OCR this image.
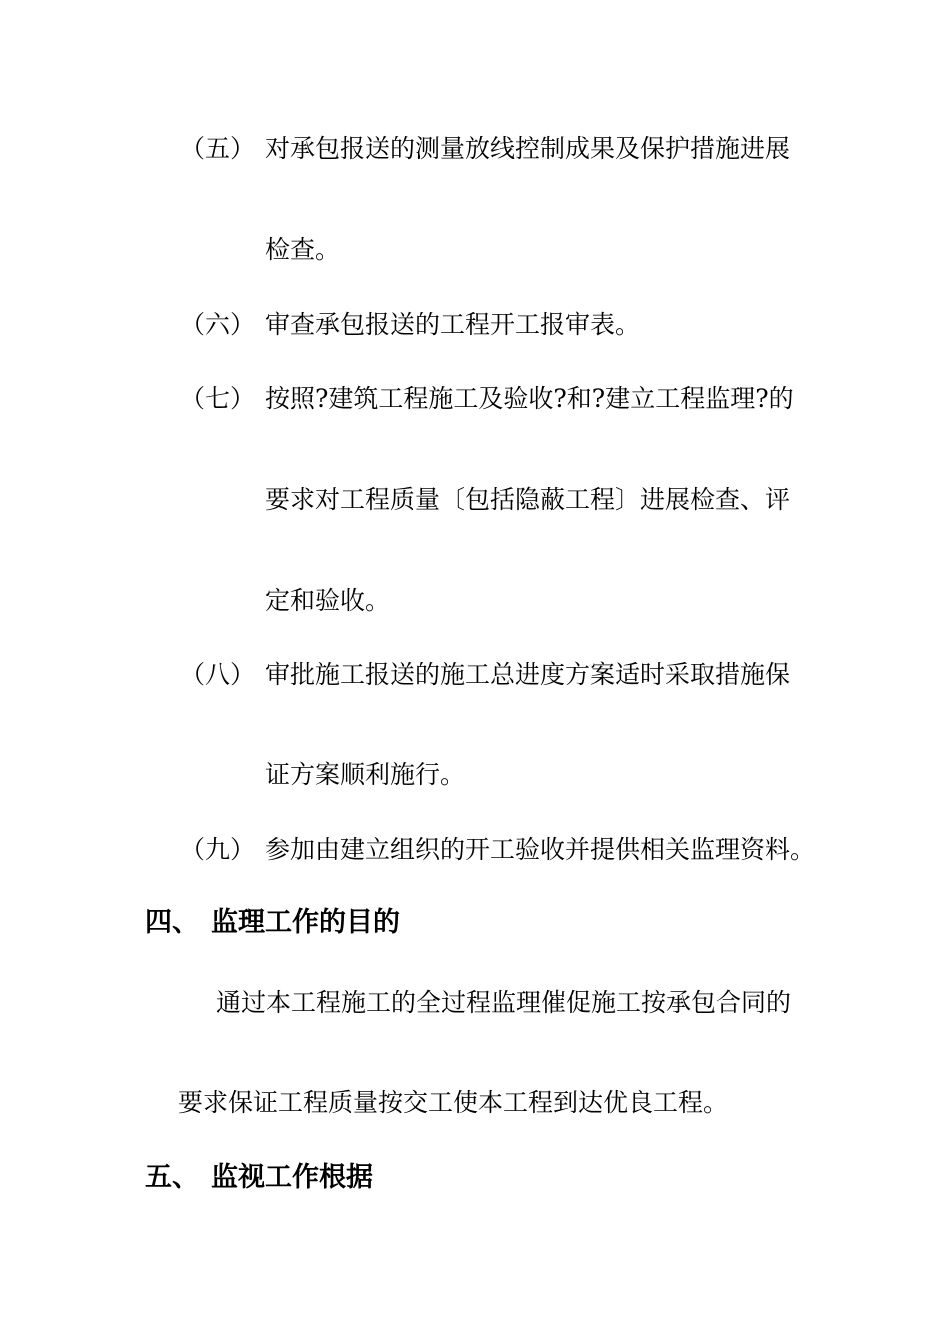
（五） 对承包报送的测量放线控制成果及保护措施进展
检查。
（六） 审查承包报送的工程开工报审表。
（七） 按照?建筑工程施工及验收?和?建立工程监理?的
要求对工程质量〔包括隐蔽工程〕进展检查、评
定和验收。
（八） 审批施工报送的施工总进度方案适时采取措施保
证方案顺利施行。
（九） 参加由建立组织的开工验收并提供相关监理资料。
四、 监理工作的目的
通过本工程施工的全过程监理催促施工按承包合同的
要求保证工程质量按交工使本工程到达优良工程。
五、 监视工作根据
